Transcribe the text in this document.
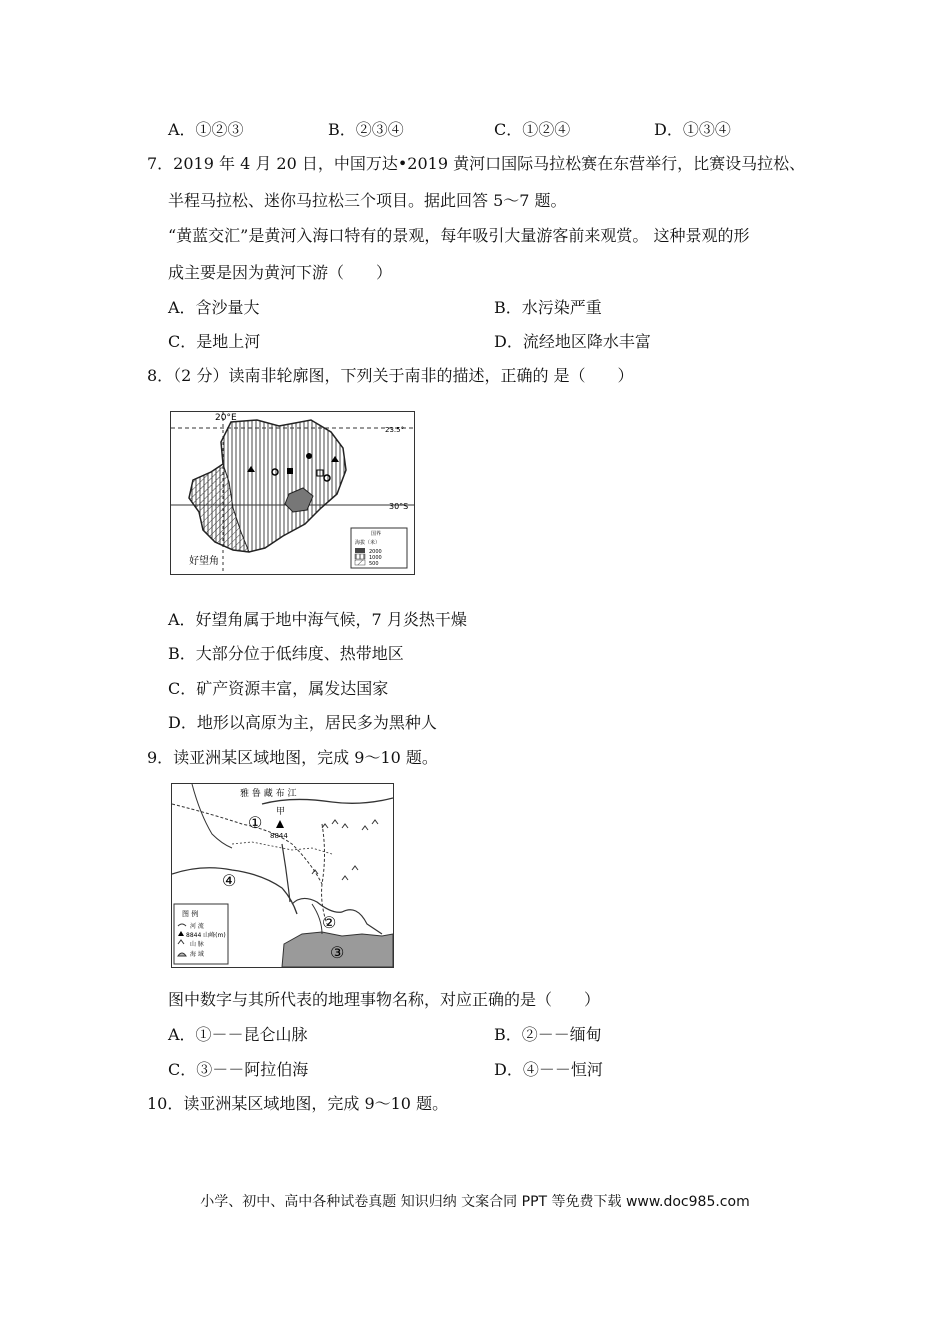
A．①②③	B．②③④	C．①②④	D．①③④
7．2019 年 4 月 20 日，中国万达•2019 黄河口国际马拉松赛在东营举行，比赛设马拉松、
半程马拉松、迷你马拉松三个项目。据此回答 5～7 题。
“黄蓝交汇”是黄河入海口特有的景观，每年吸引大量游客前来观赏。 这种景观的形
成主要是因为黄河下游（　　）
A．含沙量大	B．水污染严重
C．是地上河	D．流经地区降水丰富
8．（2 分）读南非轮廓图，下列关于南非的描述，正确的 是（　　）
20°E
23.5°
30°S
好望角
国界
海拔（米）
2000
1000
500
A．好望角属于地中海气候，7 月炎热干燥
B．大部分位于低纬度、热带地区
C．矿产资源丰富，属发达国家
D．地形以高原为主，居民多为黑种人
9．读亚洲某区域地图，完成 9～10 题。
雅 鲁 藏 布 江
甲
8844
①
②
③
④
图 例
河 流
8844 山峰(m)
山 脉
海 域
图中数字与其所代表的地理事物名称，对应正确的是（　　）
A．①－－昆仑山脉	B．②－－缅甸
C．③－－阿拉伯海	D．④－－恒河
10．读亚洲某区域地图，完成 9～10 题。
小学、初中、高中各种试卷真题 知识归纳 文案合同 PPT 等免费下载 www.doc985.com
